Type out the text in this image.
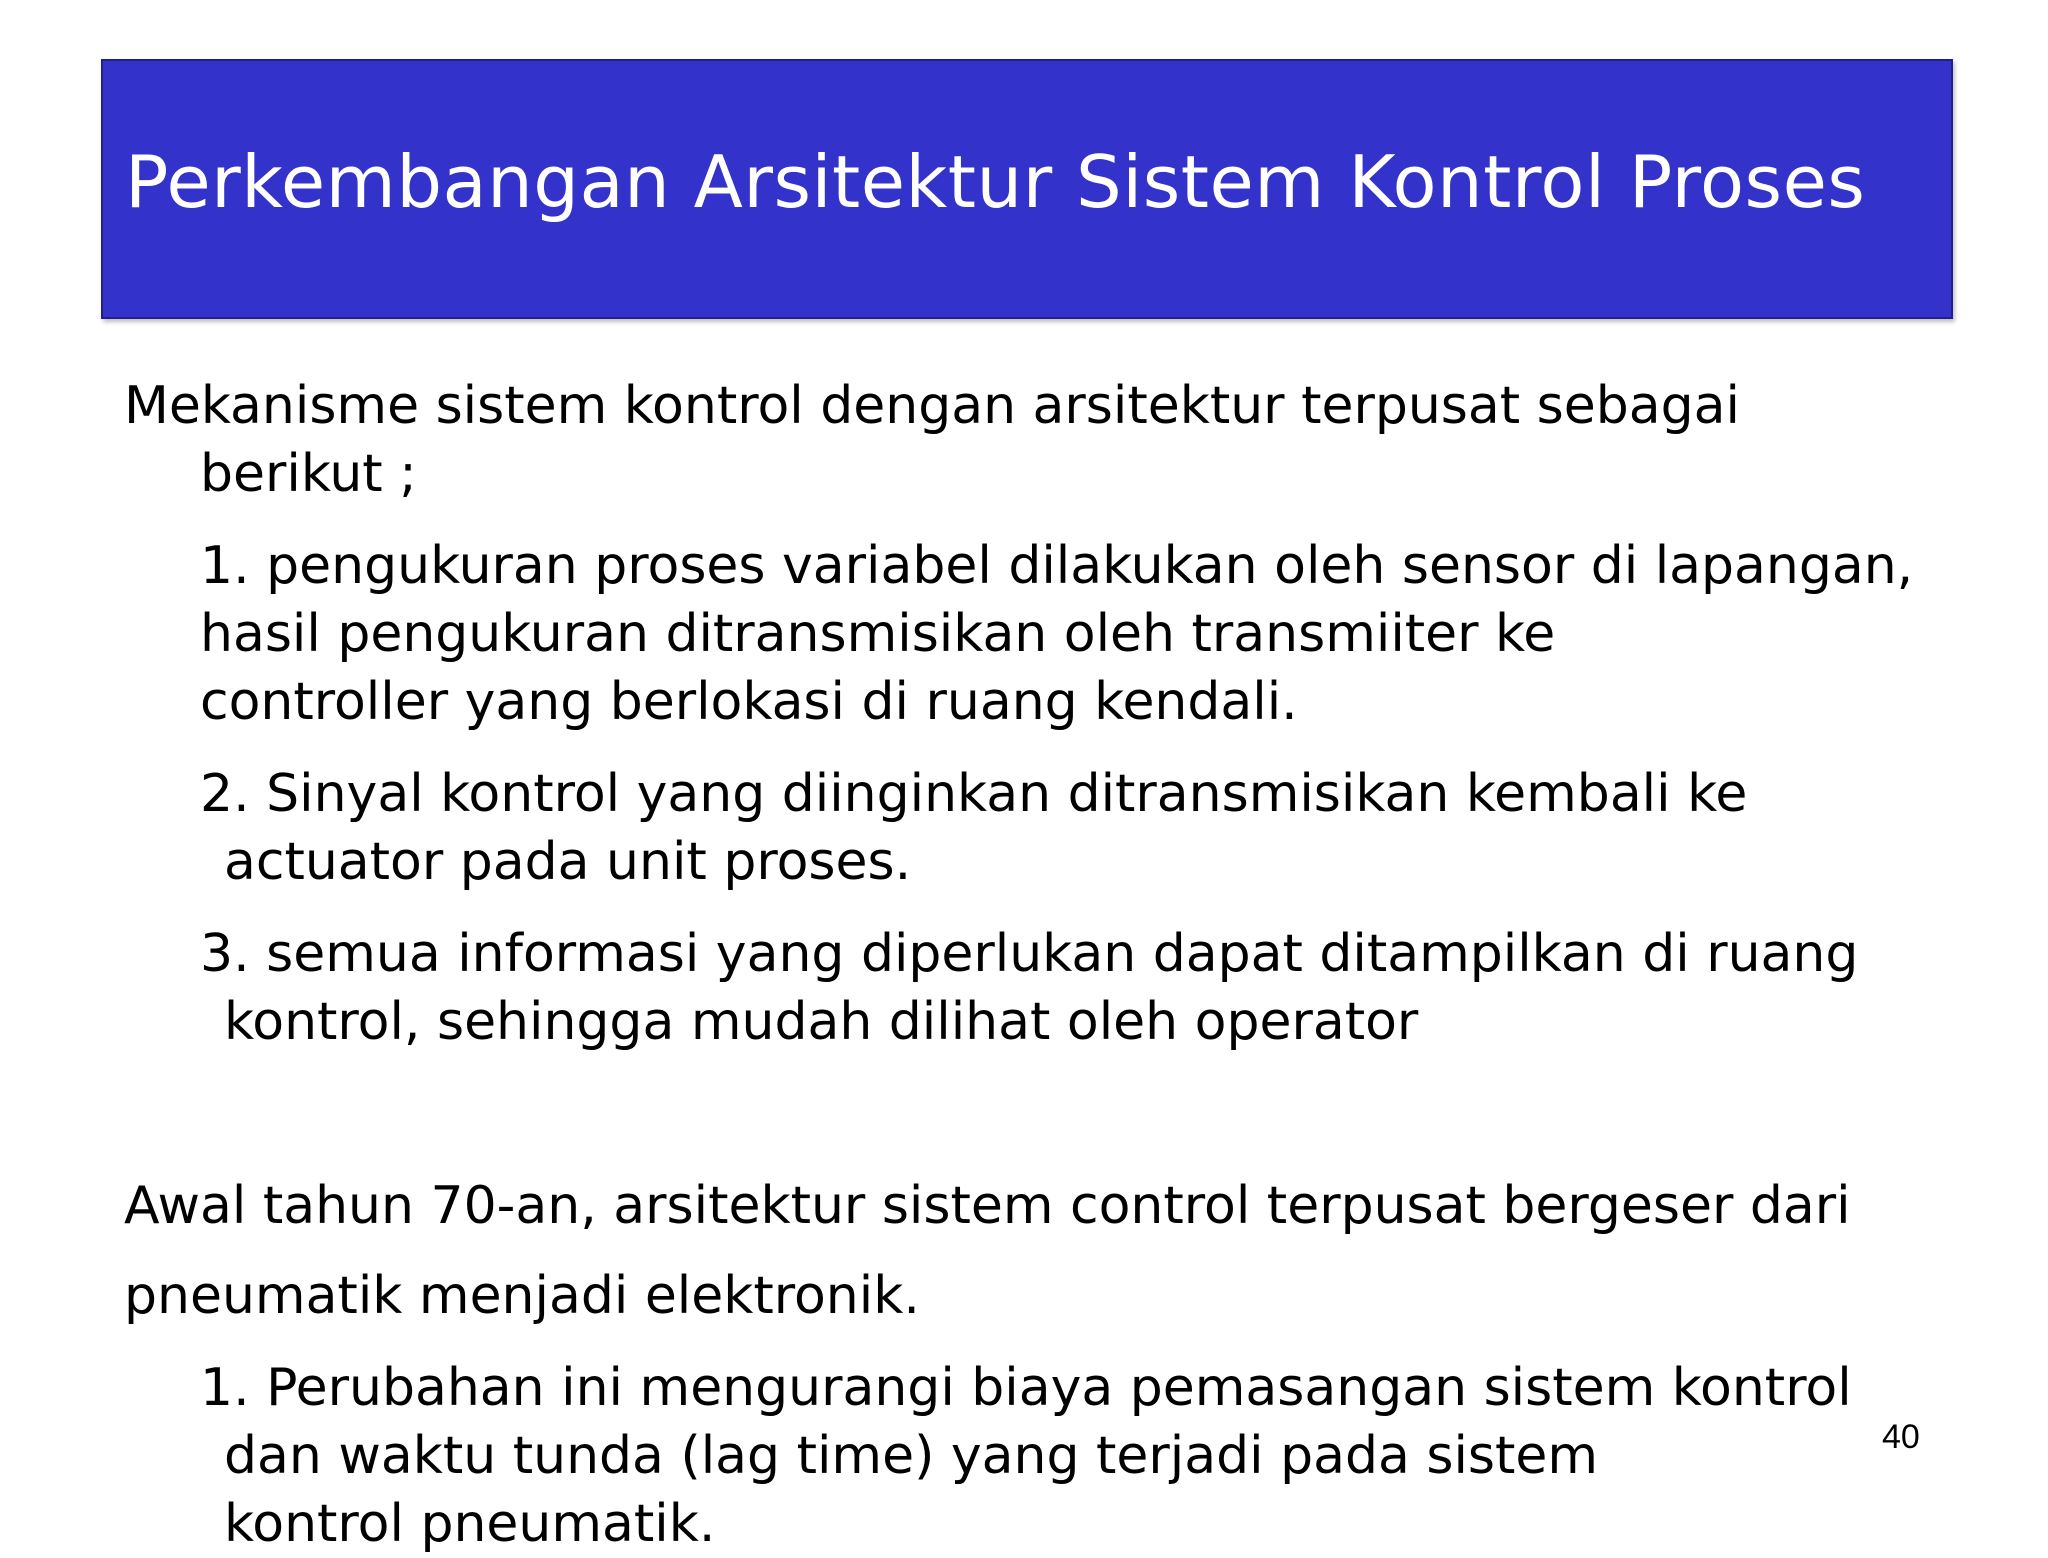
Perkembangan Arsitektur Sistem Kontrol Proses
Mekanisme sistem kontrol dengan arsitektur terpusat sebagai
berikut ;
1. pengukuran proses variabel dilakukan oleh sensor di lapangan,
hasil pengukuran ditransmisikan oleh transmiiter ke
controller yang berlokasi di ruang kendali.
2. Sinyal kontrol yang diinginkan ditransmisikan kembali ke
actuator pada unit proses.
3. semua informasi yang diperlukan dapat ditampilkan di ruang
kontrol, sehingga mudah dilihat oleh operator
Awal tahun 70-an, arsitektur sistem control terpusat bergeser dari
pneumatik menjadi elektronik.
1. Perubahan ini mengurangi biaya pemasangan sistem kontrol
dan waktu tunda (lag time) yang terjadi pada sistem
kontrol pneumatik.
40
